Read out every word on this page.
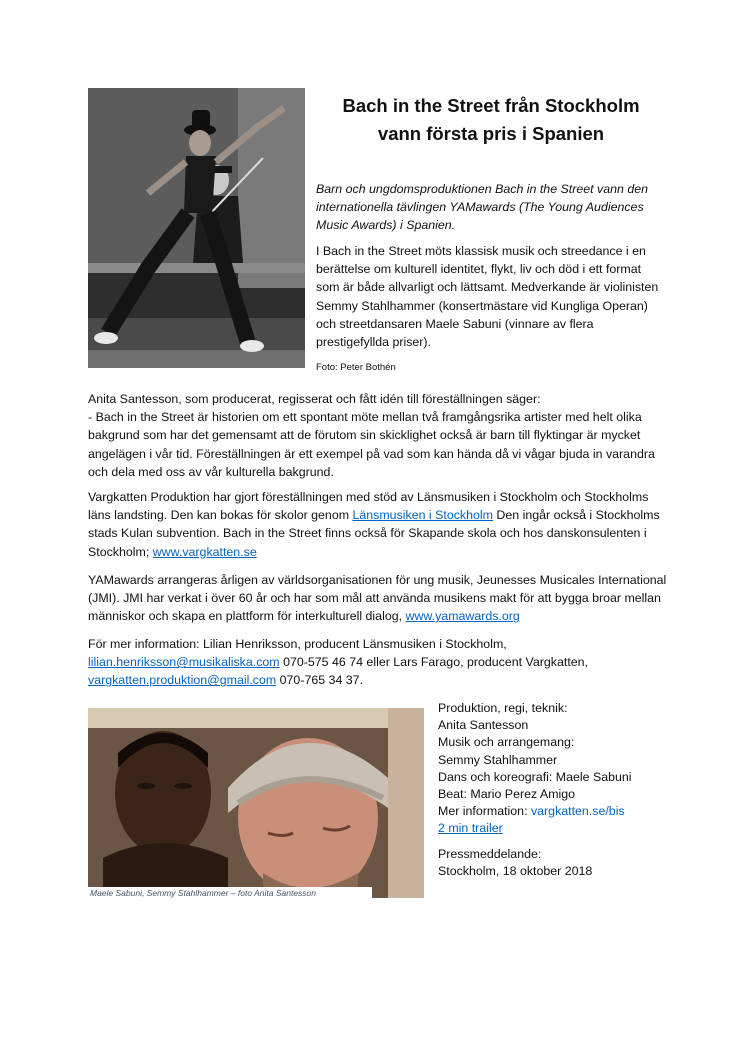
Bach in the Street från Stockholm
vann första pris i Spanien

Barn och ungdomsproduktionen Bach in the Street vann den internationella tävlingen YAMawards (The Young Audiences Music Awards) i Spanien.

I Bach in the Street möts klassisk musik och streedance i en berättelse om kulturell identitet, flykt, liv och död i ett format som är både allvarligt och lättsamt. Medverkande är violinisten Semmy Stahlhammer (konsertmästare vid Kungliga Operan) och streetdansaren Maele Sabuni (vinnare av flera prestigefyllda priser).

Foto: Peter Bothén

Anita Santesson, som producerat, regisserat och fått idén till föreställningen säger:
- Bach in the Street är historien om ett spontant möte mellan två framgångsrika artister med helt olika bakgrund som har det gemensamt att de förutom sin skicklighet också är barn till flyktingar är mycket angelägen i vår tid. Föreställningen är ett exempel på vad som kan hända då vi vågar bjuda in varandra och dela med oss av vår kulturella bakgrund.

Vargkatten Produktion har gjort föreställningen med stöd av Länsmusiken i Stockholm och Stockholms läns landsting. Den kan bokas för skolor genom Länsmusiken i Stockholm Den ingår också i Stockholms stads Kulan subvention. Bach in the Street finns också för Skapande skola och hos danskonsulenten i Stockholm; www.vargkatten.se

YAMawards arrangeras årligen av världsorganisationen för ung musik, Jeunesses Musicales International (JMI). JMI har verkat i över 60 år och har som mål att använda musikens makt för att bygga broar mellan människor och skapa en plattform för interkulturell dialog, www.yamawards.org

För mer information: Lilian Henriksson, producent Länsmusiken i Stockholm,
lilian.henriksson@musikaliska.com 070-575 46 74 eller Lars Farago, producent Vargkatten,
vargkatten.produktion@gmail.com 070-765 34 37.

Maele Sabuni, Semmy Stahlhammer – foto Anita Santesson
Produktion, regi, teknik:
Anita Santesson
Musik och arrangemang:
Semmy Stahlhammer
Dans och koreografi: Maele Sabuni
Beat: Mario Perez Amigo
Mer information: vargkatten.se/bis
2 min trailer
Pressmeddelande:
Stockholm, 18 oktober 2018
